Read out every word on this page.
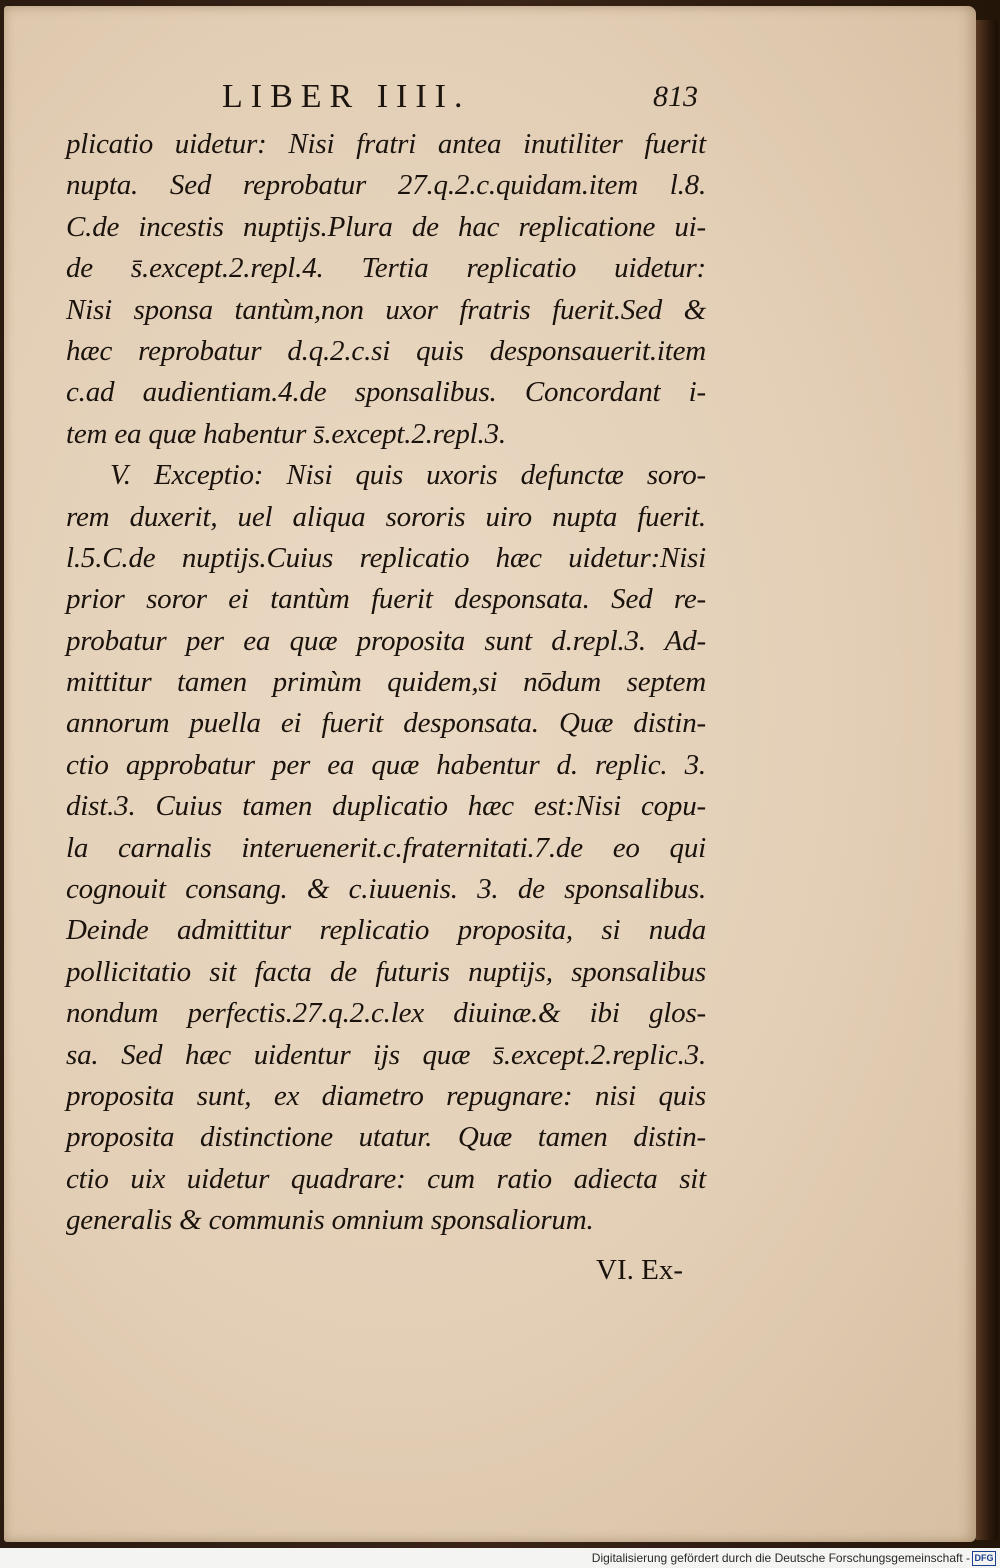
LIBER IIII.	813
plicatio uidetur: Nisi fratri antea inutiliter fuerit
nupta. Sed reprobatur 27.q.2.c.quidam.item l.8.
C.de incestis nuptijs.Plura de hac replicatione ui-
de s̄.except.2.repl.4. Tertia replicatio uidetur:
Nisi sponsa tantùm,non uxor fratris fuerit.Sed &
hæc reprobatur d.q.2.c.si quis desponsauerit.item
c.ad audientiam.4.de sponsalibus. Concordant i-
tem ea quæ habentur s̄.except.2.repl.3.
V. Exceptio: Nisi quis uxoris defunctæ soro-
rem duxerit, uel aliqua sororis uiro nupta fuerit.
l.5.C.de nuptijs.Cuius replicatio hæc uidetur:Nisi
prior soror ei tantùm fuerit desponsata. Sed re-
probatur per ea quæ proposita sunt d.repl.3. Ad-
mittitur tamen primùm quidem,si nōdum septem
annorum puella ei fuerit desponsata. Quæ distin-
ctio approbatur per ea quæ habentur d. replic. 3.
dist.3. Cuius tamen duplicatio hæc est:Nisi copu-
la carnalis interuenerit.c.fraternitati.7.de eo qui
cognouit consang. & c.iuuenis. 3. de sponsalibus.
Deinde admittitur replicatio proposita, si nuda
pollicitatio sit facta de futuris nuptijs, sponsalibus
nondum perfectis.27.q.2.c.lex diuinæ.& ibi glos-
sa. Sed hæc uidentur ijs quæ s̄.except.2.replic.3.
proposita sunt, ex diametro repugnare: nisi quis
proposita distinctione utatur. Quæ tamen distin-
ctio uix uidetur quadrare: cum ratio adiecta sit
generalis & communis omnium sponsaliorum.
VI. Ex-
Digitalisierung gefördert durch die Deutsche Forschungsgemeinschaft - DFG
